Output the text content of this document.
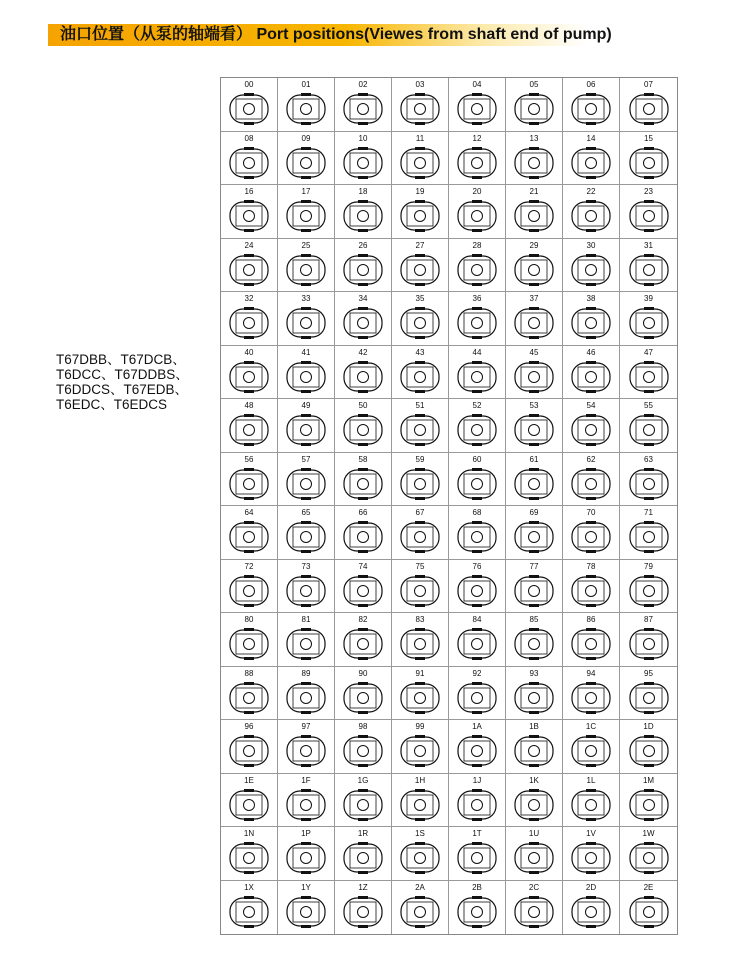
油口位置（从泵的轴端看） Port positions(Viewes from shaft end of pump)
T67DBB、T67DCB、
T6DCC、T67DDBS、
T6DDCS、T67EDB、
T6EDC、T6EDCS
00	01	02	03	04	05	06	07
08	09	10	11	12	13	14	15
16	17	18	19	20	21	22	23
24	25	26	27	28	29	30	31
32	33	34	35	36	37	38	39
40	41	42	43	44	45	46	47
48	49	50	51	52	53	54	55
56	57	58	59	60	61	62	63
64	65	66	67	68	69	70	71
72	73	74	75	76	77	78	79
80	81	82	83	84	85	86	87
88	89	90	91	92	93	94	95
96	97	98	99	1A	1B	1C	1D
1E	1F	1G	1H	1J	1K	1L	1M
1N	1P	1R	1S	1T	1U	1V	1W
1X	1Y	1Z	2A	2B	2C	2D	2E
